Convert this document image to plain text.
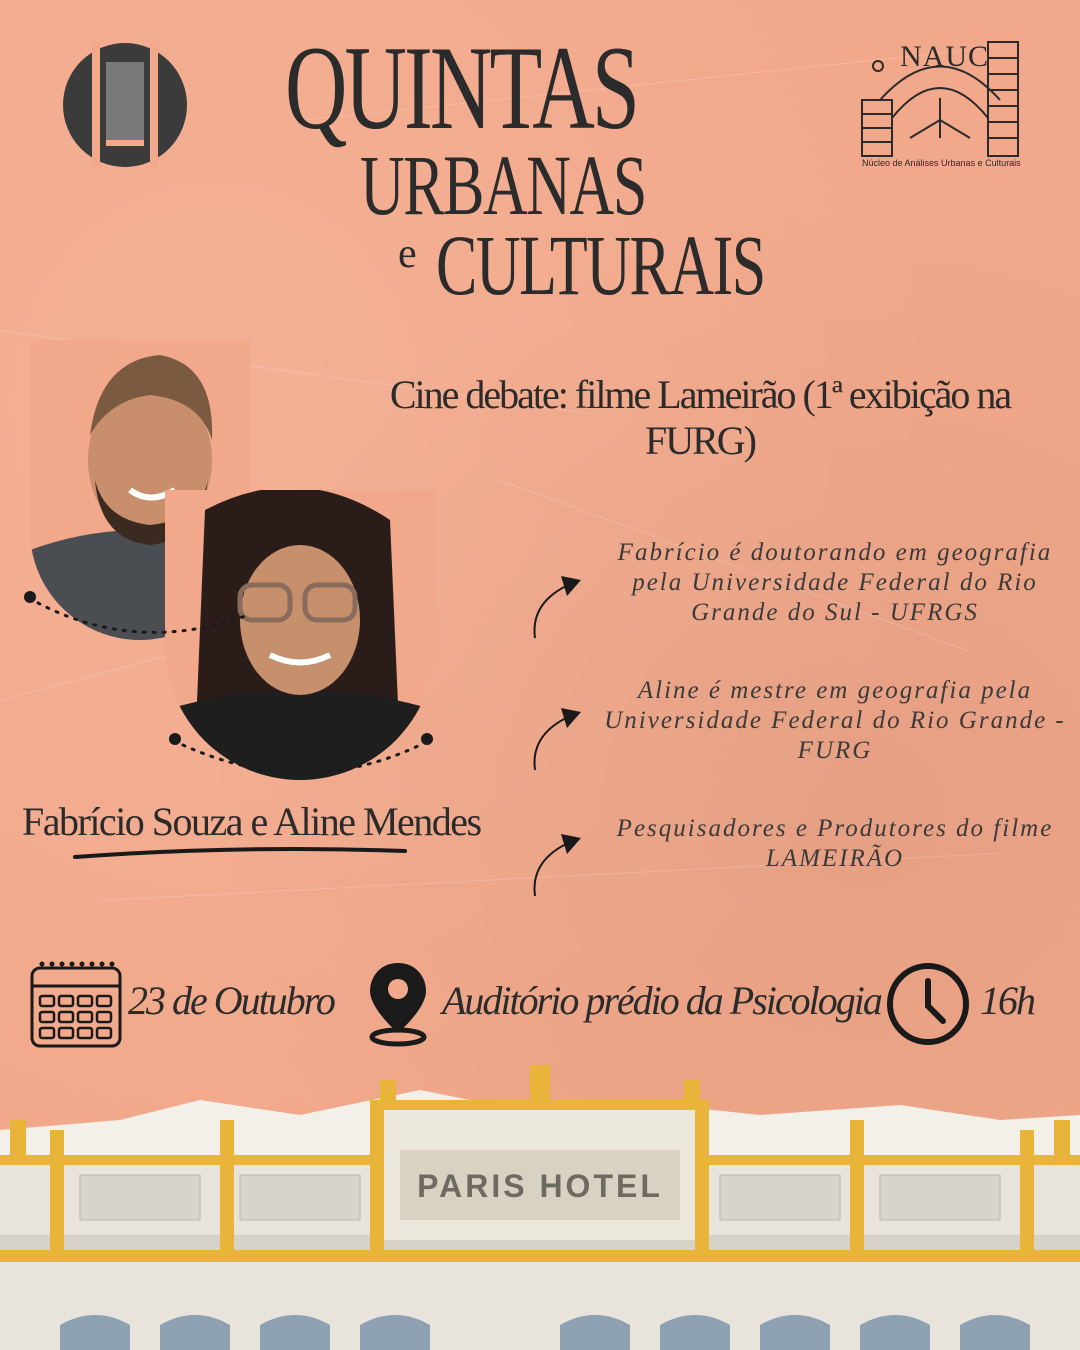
NAUC
Núcleo de Análises Urbanas e Culturais
QUINTAS
URBANAS
e CULTURAIS
Cine debate: filme Lameirão (1ª exibição na FURG)
Fabrício Souza e Aline Mendes
Fabrício é doutorando em geografia pela Universidade Federal do Rio Grande do Sul - UFRGS
Aline é mestre em geografia pela Universidade Federal do Rio Grande - FURG
Pesquisadores e Produtores do filme LAMEIRÃO
23 de Outubro	Auditório prédio da Psicologia 16h
PARIS HOTEL
